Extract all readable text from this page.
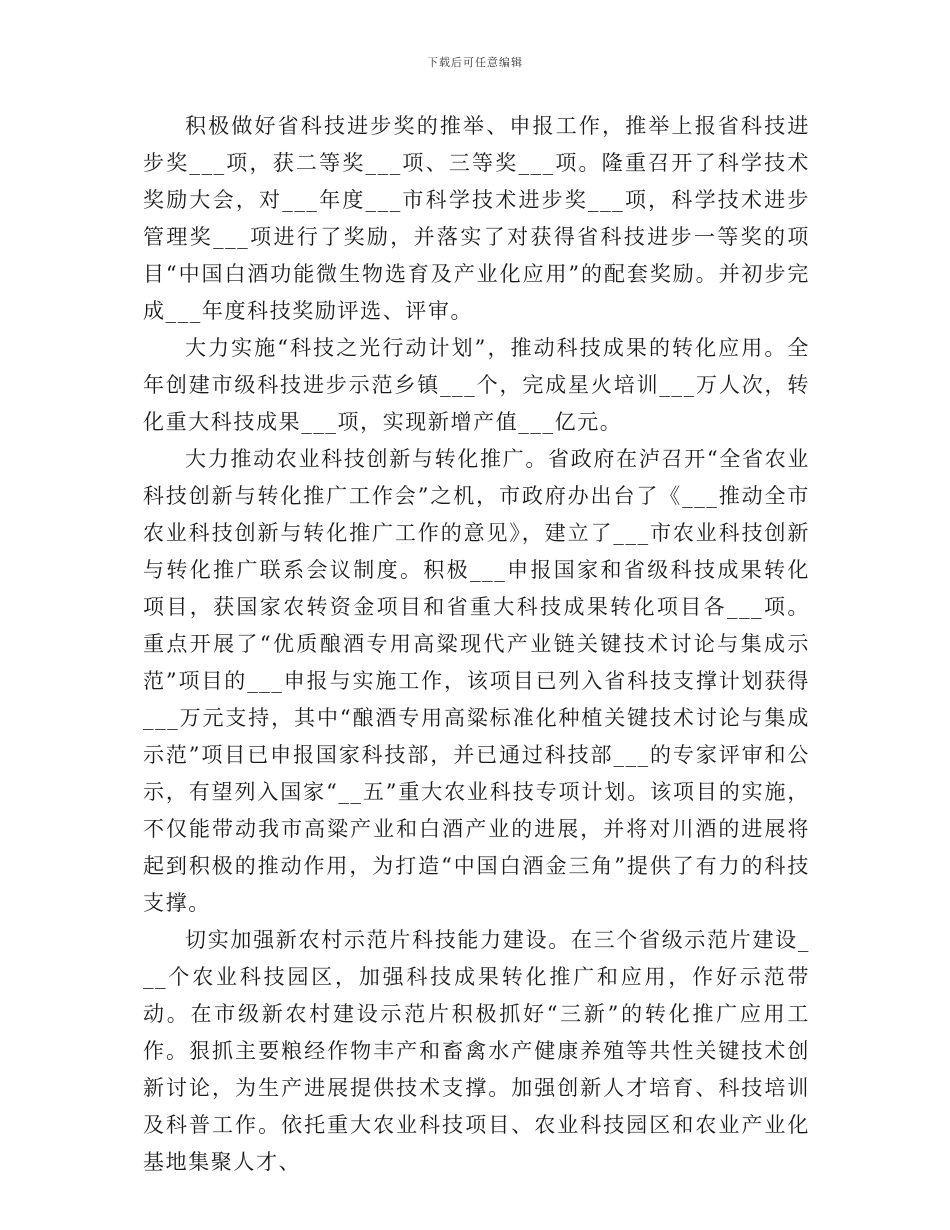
下载后可任意编辑

积极做好省科技进步奖的推举、申报工作，推举上报省科技进步奖___项，获二等奖___项、三等奖___项。隆重召开了科学技术奖励大会，对___年度___市科学技术进步奖___项，科学技术进步管理奖___项进行了奖励，并落实了对获得省科技进步一等奖的项目“中国白酒功能微生物选育及产业化应用”的配套奖励。并初步完成___年度科技奖励评选、评审。

大力实施“科技之光行动计划”，推动科技成果的转化应用。全年创建市级科技进步示范乡镇___个，完成星火培训___万人次，转化重大科技成果___项，实现新增产值___亿元。

大力推动农业科技创新与转化推广。省政府在泸召开“全省农业科技创新与转化推广工作会”之机，市政府办出台了《___推动全市农业科技创新与转化推广工作的意见》，建立了___市农业科技创新与转化推广联系会议制度。积极___申报国家和省级科技成果转化项目，获国家农转资金项目和省重大科技成果转化项目各___项。重点开展了“优质酿酒专用高粱现代产业链关键技术讨论与集成示范”项目的___申报与实施工作，该项目已列入省科技支撑计划获得___万元支持，其中“酿酒专用高粱标准化种植关键技术讨论与集成示范”项目已申报国家科技部，并已通过科技部___的专家评审和公示，有望列入国家“__五”重大农业科技专项计划。该项目的实施，不仅能带动我市高粱产业和白酒产业的进展，并将对川酒的进展将起到积极的推动作用，为打造“中国白酒金三角”提供了有力的科技支撑。

切实加强新农村示范片科技能力建设。在三个省级示范片建设___个农业科技园区，加强科技成果转化推广和应用，作好示范带动。在市级新农村建设示范片积极抓好“三新”的转化推广应用工作。狠抓主要粮经作物丰产和畜禽水产健康养殖等共性关键技术创新讨论，为生产进展提供技术支撑。加强创新人才培育、科技培训及科普工作。依托重大农业科技项目、农业科技园区和农业产业化基地集聚人才、
